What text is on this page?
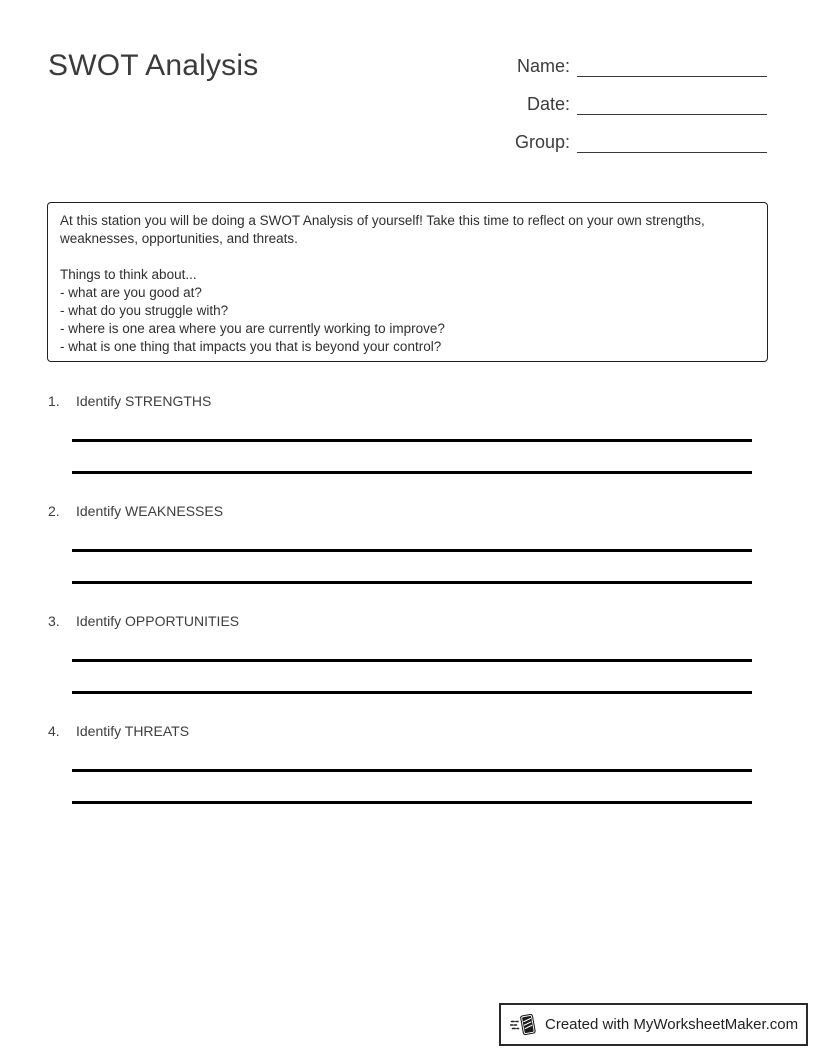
SWOT Analysis	Name:
Date:
Group:
At this station you will be doing a SWOT Analysis of yourself! Take this time to reflect on your own strengths, weaknesses, opportunities, and threats.
Things to think about...
- what are you good at?
- what do you struggle with?
- where is one area where you are currently working to improve?
- what is one thing that impacts you that is beyond your control?
1. Identify STRENGTHS
2. Identify WEAKNESSES
3. Identify OPPORTUNITIES
4. Identify THREATS
Created with MyWorksheetMaker.com
